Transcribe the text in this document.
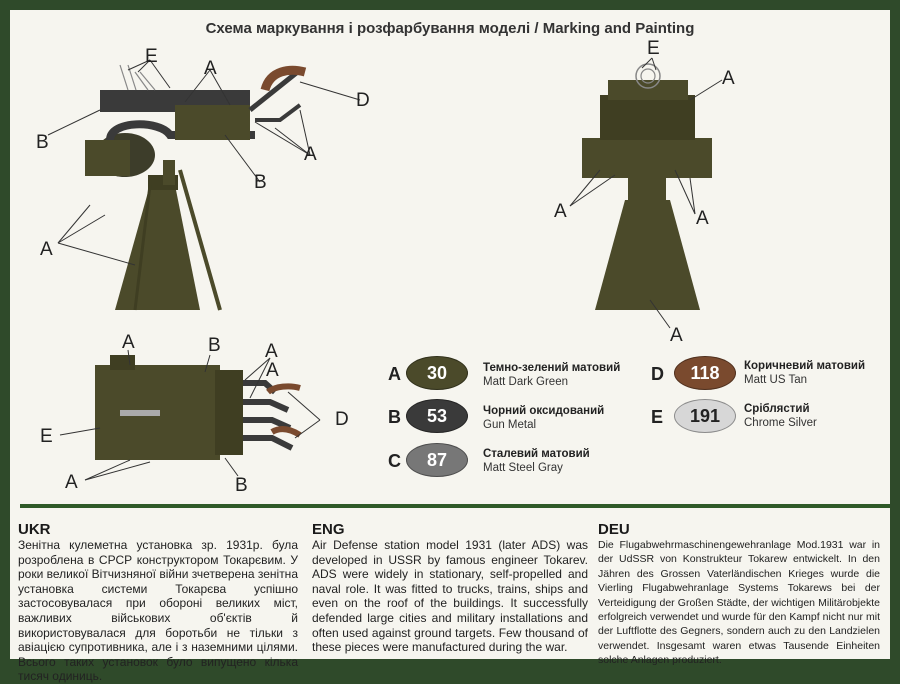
Схема маркування і розфарбування моделі / Marking and Painting
E
A
B
D
A
B
A
E
A
A	A
A
A	B A
A
D
E
A	B
A	30	Темно-зелений матовий
Matt Dark Green
B	53	Чорний оксидований
Gun Metal
C	87	Сталевий матовий
Matt Steel Gray
D	118	Коричневий матовий
Matt US Tan
E	191	Сріблястий
Chrome Silver
UKR
Зенітна кулеметна установка зр. 1931р. була розроблена в СРСР конструктором Токарєвим. У роки великої Вітчизняної війни зчетверена зенітна установка системи Токарєва успішно застосовувалася при обороні великих міст, важливих військових об'єктів й використовувалася для боротьби не тільки з авіацією супротивника, але і з наземними цілями. Всього таких установок було випущено кілька тисяч одиниць.
ENG
Air Defense station model 1931 (later ADS) was developed in USSR by famous engineer Tokarev. ADS were widely in stationary, self-propelled and naval role. It was fitted to trucks, trains, ships and even on the roof of the buildings. It successfully defended large cities and military installations and often used against ground targets. Few thousand of these pieces were manufactured during the war.
DEU
Die Flugabwehrmaschinengewehranlage Mod.1931 war in der UdSSR von Konstrukteur Tokarew entwickelt. In den Jähren des Grossen Vaterländischen Krieges wurde die Vierling Flugabwehranlage Systems Tokarews bei der Verteidigung der Großen Städte, der wichtigen Militärobjekte erfolgreich verwendet und wurde für den Kampf nicht nur mit der Luftflotte des Gegners, sondern auch zu den Landzielen verwendet. Insgesamt waren etwas Tausende Einheiten solche Anlagen produziert.
